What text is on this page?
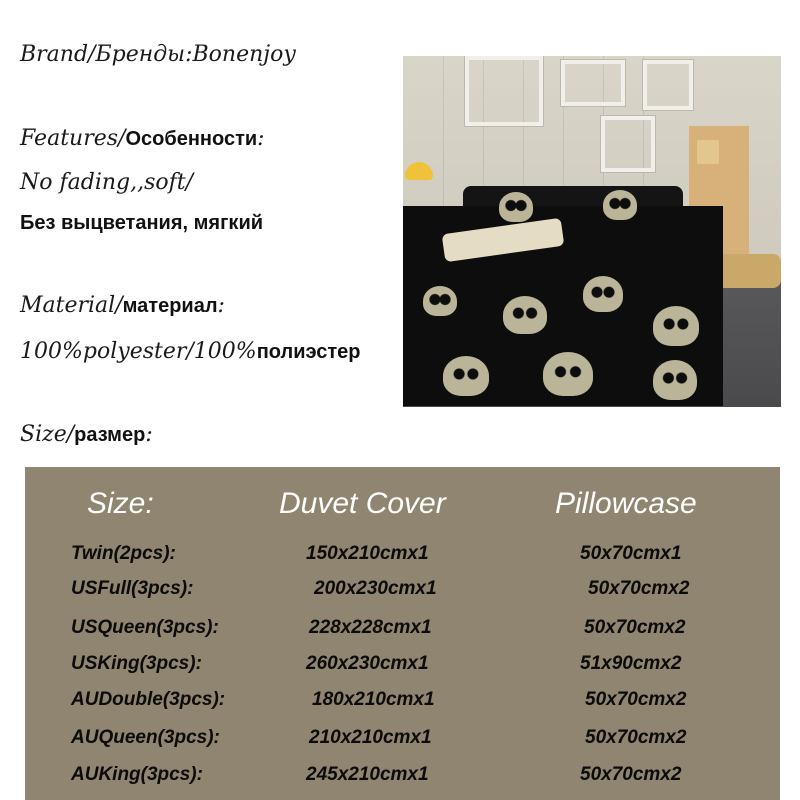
Brand/Бренды:Bonenjoy
Features/Особенности:
No fading,,soft/
Без выцветания, мягкий
Material/материал:
100%polyester/100%полиэстер
Size/размер:
Size:	Duvet Cover	Pillowcase
Twin(2pcs):	150x210cmx1	50x70cmx1
USFull(3pcs):	200x230cmx1	50x70cmx2
USQueen(3pcs):	228x228cmx1	50x70cmx2
USKing(3pcs):	260x230cmx1	51x90cmx2
AUDouble(3pcs):	180x210cmx1	50x70cmx2
AUQueen(3pcs):	210x210cmx1	50x70cmx2
AUKing(3pcs):	245x210cmx1	50x70cmx2
